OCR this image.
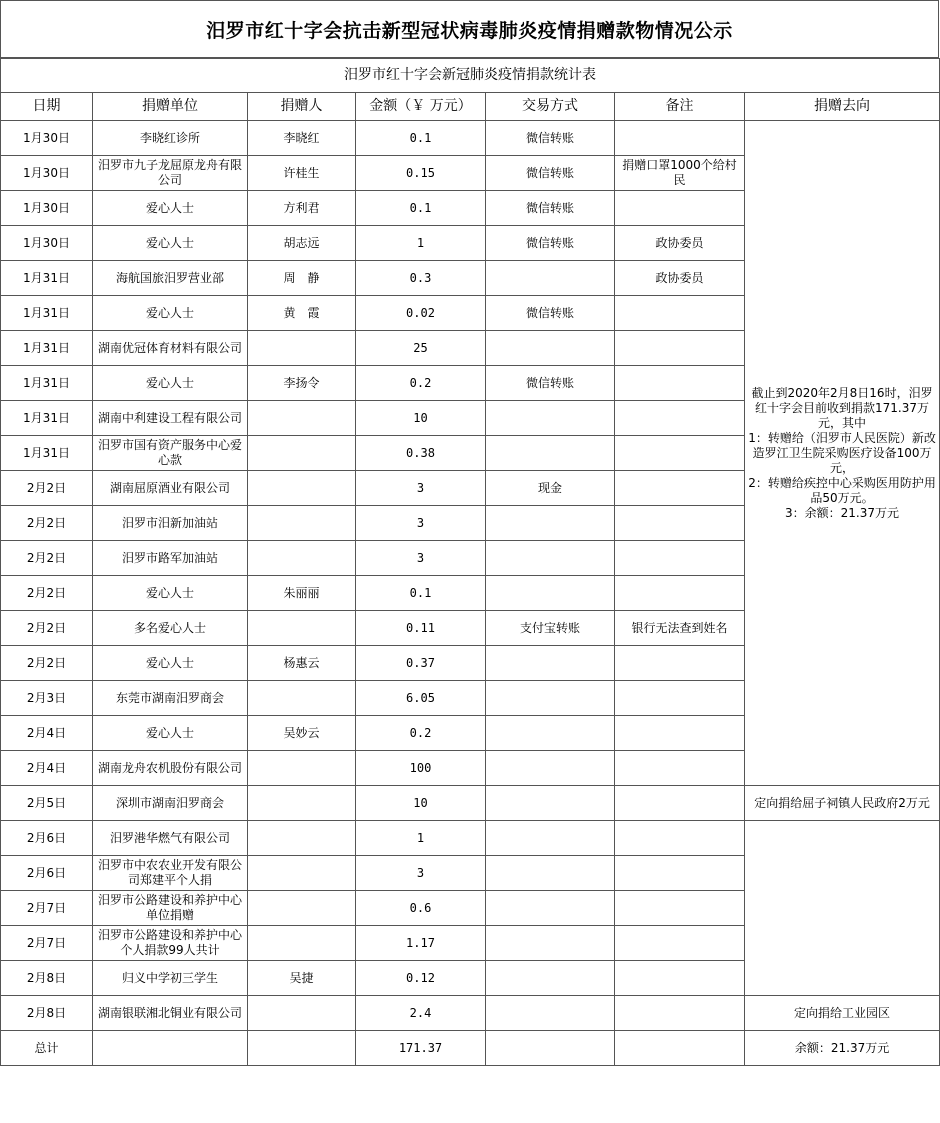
汨罗市红十字会抗击新型冠状病毒肺炎疫情捐赠款物情况公示
汨罗市红十字会新冠肺炎疫情捐款统计表						
日期	捐赠单位	捐赠人	金额（￥ 万元）	交易方式	备注	捐赠去向
1月30日	李晓红诊所	李晓红	0.1	微信转账		截止到2020年2月8日16时，汨罗红十字会目前收到捐款171.37万元，其中
1：转赠给（汨罗市人民医院）新改造罗江卫生院采购医疗设备100万元，
2：转赠给疾控中心采购医用防护用品50万元。
3：余额：21.37万元

1月30日	汨罗市九子龙屈原龙舟有限公司	许桂生	0.15	微信转账	捐赠口罩1000个给村民	
1月30日	爱心人士	方利君	0.1	微信转账		
1月30日	爱心人士	胡志远	1	微信转账	政协委员	
1月31日	海航国旅汨罗营业部	周　静	0.3		政协委员	
1月31日	爱心人士	黄　霞	0.02	微信转账		
1月31日	湖南优冠体育材料有限公司		25			
1月31日	爱心人士	李扬令	0.2	微信转账		
1月31日	湖南中利建设工程有限公司		10			
1月31日	汨罗市国有资产服务中心爱心款		0.38			
2月2日	湖南屈原酒业有限公司		3	现金		
2月2日	汨罗市汨新加油站		3			
2月2日	汨罗市路军加油站		3			
2月2日	爱心人士	朱丽丽	0.1			
2月2日	多名爱心人士		0.11	支付宝转账	银行无法查到姓名	
2月2日	爱心人士	杨惠云	0.37			
2月3日	东莞市湖南汨罗商会		6.05			
2月4日	爱心人士	吴妙云	0.2			
2月4日	湖南龙舟农机股份有限公司		100			
2月5日	深圳市湖南汨罗商会		10			定向捐给屈子祠镇人民政府2万元
2月6日	汨罗港华燃气有限公司		1			
2月6日	汨罗市中农农业开发有限公司郑建平个人捐		3			
2月7日	汨罗市公路建设和养护中心单位捐赠		0.6			
2月7日	汨罗市公路建设和养护中心个人捐款99人共计		1.17			
2月8日	归义中学初三学生	吴捷	0.12			
2月8日	湖南银联湘北铜业有限公司		2.4			定向捐给工业园区
总计			171.37			余额：21.37万元
